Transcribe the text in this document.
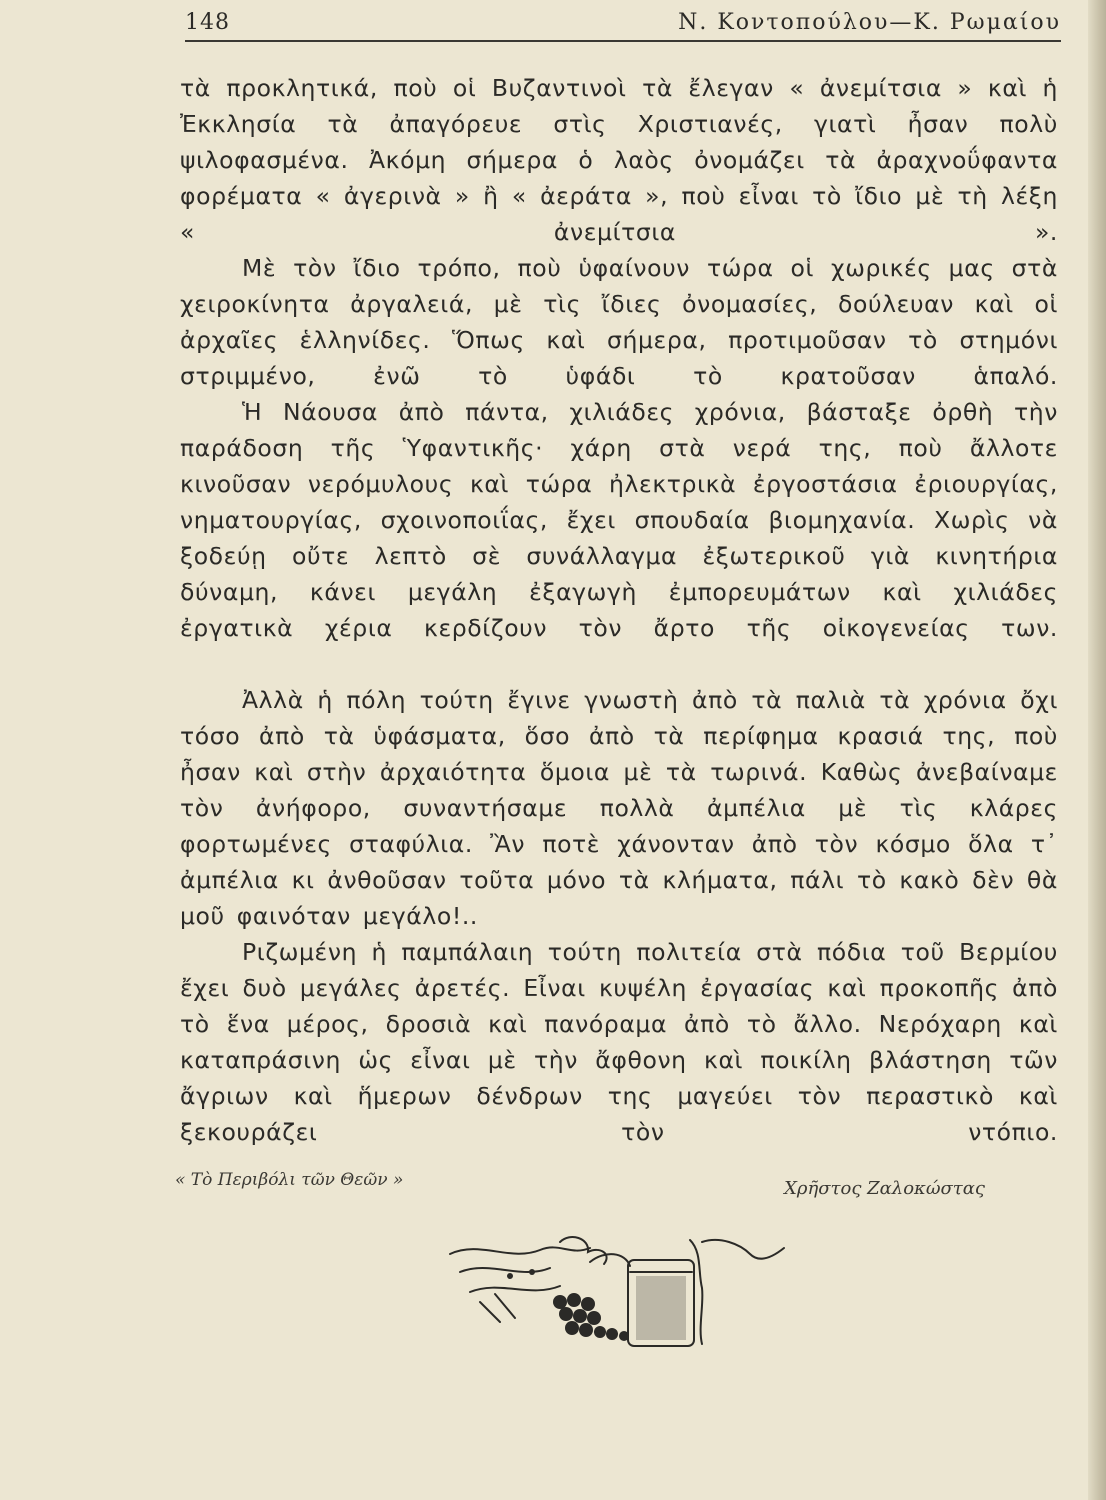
148	Ν. Κοντοπούλου—Κ. Ρωμαίου

τὰ προκλητικά, ποὺ οἱ Βυζαντινοὶ τὰ ἔλεγαν « ἀνεμίτσια » καὶ ἡ Ἐκκλησία τὰ ἀπαγόρευε στὶς Χριστιανές, γιατὶ ἦσαν πολὺ ψιλοφασμένα. Ἀκόμη σήμερα ὁ λαὸς ὀνομάζει τὰ ἀραχνοΰφαντα φορέματα « ἀγερινὰ » ἢ « ἀεράτα », ποὺ εἶναι τὸ ἴδιο μὲ τὴ λέξη « ἀνεμίτσια ».

Μὲ τὸν ἴδιο τρόπο, ποὺ ὑφαίνουν τώρα οἱ χωρικές μας στὰ χειροκίνητα ἀργαλειά, μὲ τὶς ἴδιες ὀνομασίες, δούλευαν καὶ οἱ ἀρχαῖες ἑλληνίδες. Ὅπως καὶ σήμερα, προτιμοῦσαν τὸ στημόνι στριμμένο, ἐνῶ τὸ ὑφάδι τὸ κρατοῦσαν ἁπαλό.

Ἡ Νάουσα ἀπὸ πάντα, χιλιάδες χρόνια, βάσταξε ὀρθὴ τὴν παράδοση τῆς Ὑφαντικῆς· χάρη στὰ νερά της, ποὺ ἄλλοτε κινοῦσαν νερόμυλους καὶ τώρα ἠλεκτρικὰ ἐργοστάσια ἐριουργίας, νηματουργίας, σχοινοποιΐας, ἔχει σπουδαία βιομηχανία. Χωρὶς νὰ ξοδεύῃ οὔτε λεπτὸ σὲ συνάλλαγμα ἐξωτερικοῦ γιὰ κινητήρια δύναμη, κάνει μεγάλη ἐξαγωγὴ ἐμπορευμάτων καὶ χιλιάδες ἐργατικὰ χέρια κερδίζουν τὸν ἄρτο τῆς οἰκογενείας των.

Ἀλλὰ ἡ πόλη τούτη ἔγινε γνωστὴ ἀπὸ τὰ παλιὰ τὰ χρόνια ὄχι τόσο ἀπὸ τὰ ὑφάσματα, ὅσο ἀπὸ τὰ περίφημα κρασιά της, ποὺ ἦσαν καὶ στὴν ἀρχαιότητα ὅμοια μὲ τὰ τωρινά. Καθὼς ἀνεβαίναμε τὸν ἀνήφορο, συναντήσαμε πολλὰ ἀμπέλια μὲ τὶς κλάρες φορτωμένες σταφύλια. Ἂν ποτὲ χάνονταν ἀπὸ τὸν κόσμο ὅλα τ᾿ ἀμπέλια κι ἀνθοῦσαν τοῦτα μόνο τὰ κλήματα, πάλι τὸ κακὸ δὲν θὰ μοῦ φαινόταν μεγάλο!..

Ριζωμένη ἡ παμπάλαιη τούτη πολιτεία στὰ πόδια τοῦ Βερμίου ἔχει δυὸ μεγάλες ἀρετές. Εἶναι κυψέλη ἐργασίας καὶ προκοπῆς ἀπὸ τὸ ἕνα μέρος, δροσιὰ καὶ πανόραμα ἀπὸ τὸ ἄλλο. Νερόχαρη καὶ καταπράσινη ὡς εἶναι μὲ τὴν ἄφθονη καὶ ποικίλη βλάστηση τῶν ἄγριων καὶ ἥμερων δένδρων της μαγεύει τὸν περαστικὸ καὶ ξεκουράζει τὸν ντόπιο.

« Τὸ Περιβόλι τῶν Θεῶν »	Χρῆστος Ζαλοκώστας
